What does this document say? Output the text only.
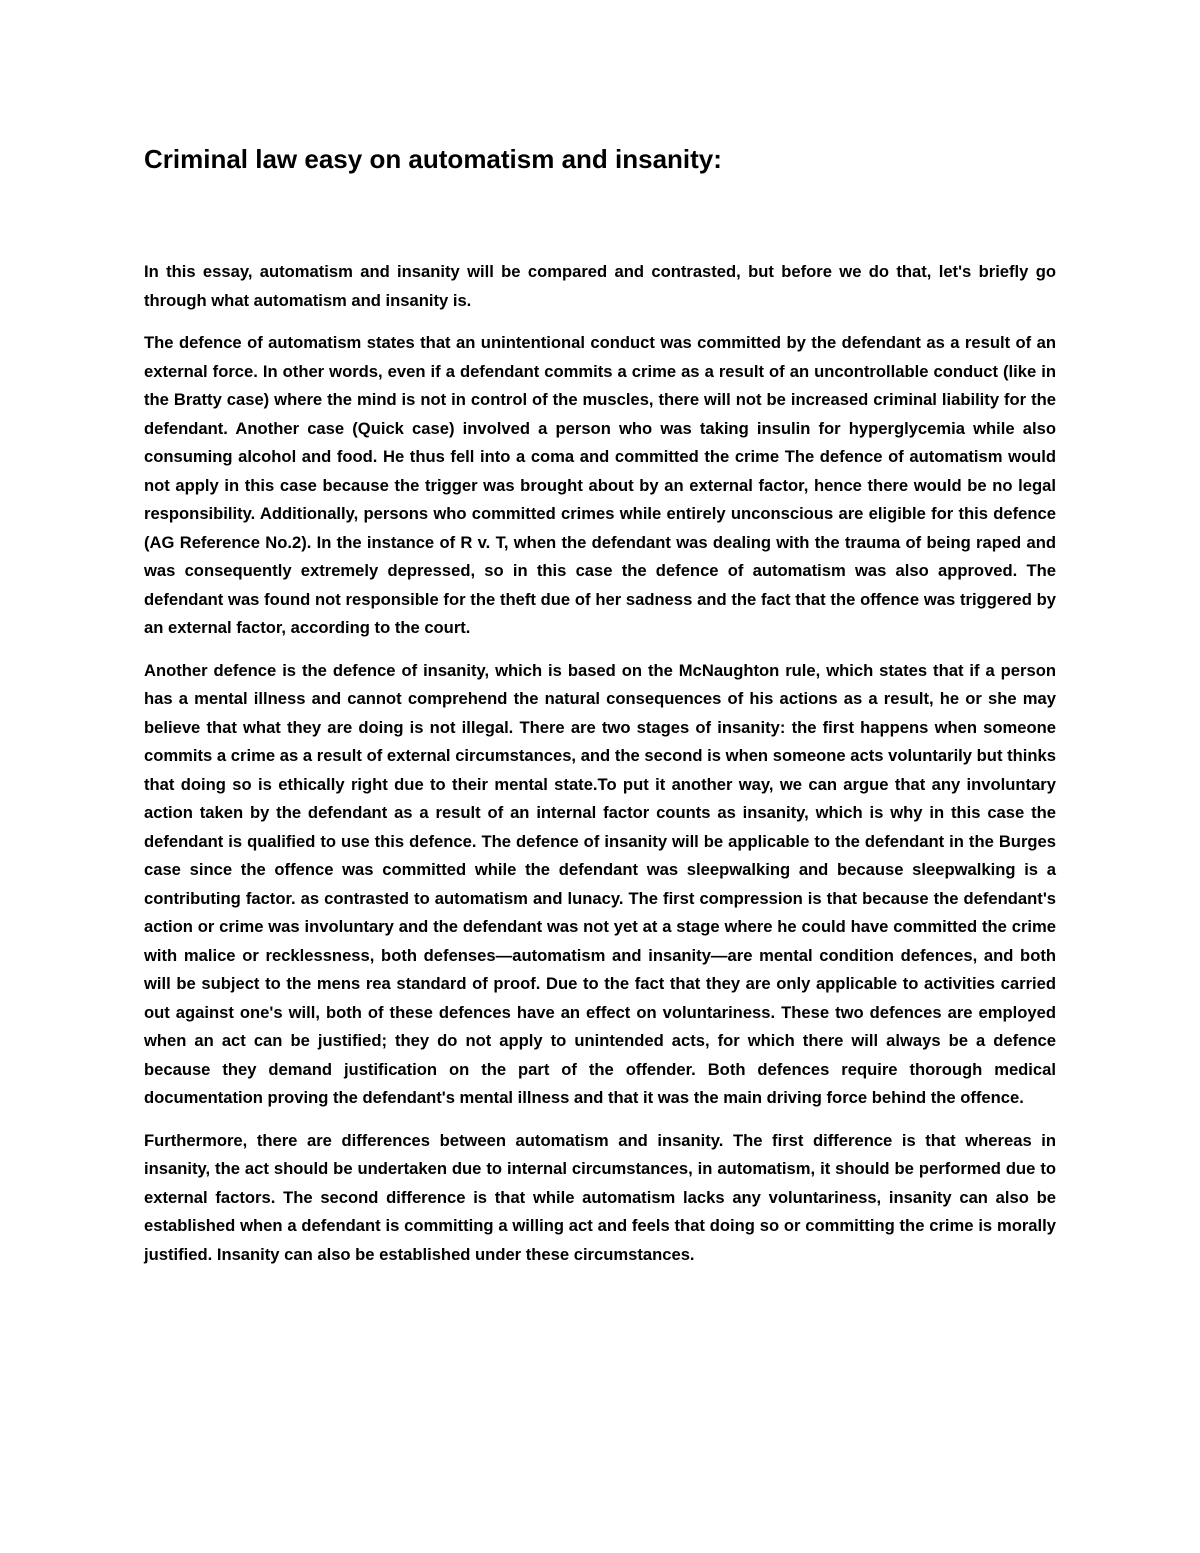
Criminal law easy on automatism and insanity:

In this essay, automatism and insanity will be compared and contrasted, but before we do that, let's briefly go through what automatism and insanity is.

The defence of automatism states that an unintentional conduct was committed by the defendant as a result of an external force. In other words, even if a defendant commits a crime as a result of an uncontrollable conduct (like in the Bratty case) where the mind is not in control of the muscles, there will not be increased criminal liability for the defendant. Another case (Quick case) involved a person who was taking insulin for hyperglycemia while also consuming alcohol and food. He thus fell into a coma and committed the crime The defence of automatism would not apply in this case because the trigger was brought about by an external factor, hence there would be no legal responsibility. Additionally, persons who committed crimes while entirely unconscious are eligible for this defence (AG Reference No.2). In the instance of R v. T, when the defendant was dealing with the trauma of being raped and was consequently extremely depressed, so in this case the defence of automatism was also approved. The defendant was found not responsible for the theft due of her sadness and the fact that the offence was triggered by an external factor, according to the court.

Another defence is the defence of insanity, which is based on the McNaughton rule, which states that if a person has a mental illness and cannot comprehend the natural consequences of his actions as a result, he or she may believe that what they are doing is not illegal. There are two stages of insanity: the first happens when someone commits a crime as a result of external circumstances, and the second is when someone acts voluntarily but thinks that doing so is ethically right due to their mental state.To put it another way, we can argue that any involuntary action taken by the defendant as a result of an internal factor counts as insanity, which is why in this case the defendant is qualified to use this defence. The defence of insanity will be applicable to the defendant in the Burges case since the offence was committed while the defendant was sleepwalking and because sleepwalking is a contributing factor. as contrasted to automatism and lunacy. The first compression is that because the defendant's action or crime was involuntary and the defendant was not yet at a stage where he could have committed the crime with malice or recklessness, both defenses—automatism and insanity—are mental condition defences, and both will be subject to the mens rea standard of proof. Due to the fact that they are only applicable to activities carried out against one's will, both of these defences have an effect on voluntariness. These two defences are employed when an act can be justified; they do not apply to unintended acts, for which there will always be a defence because they demand justification on the part of the offender. Both defences require thorough medical documentation proving the defendant's mental illness and that it was the main driving force behind the offence.

Furthermore, there are differences between automatism and insanity. The first difference is that whereas in insanity, the act should be undertaken due to internal circumstances, in automatism, it should be performed due to external factors. The second difference is that while automatism lacks any voluntariness, insanity can also be established when a defendant is committing a willing act and feels that doing so or committing the crime is morally justified. Insanity can also be established under these circumstances.
